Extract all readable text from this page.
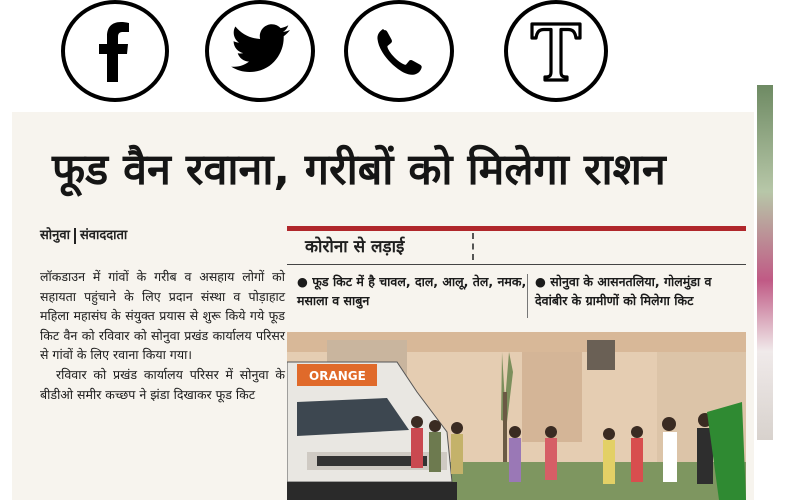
फूड वैन रवाना, गरीबों को मिलेगा राशन
सोनुवा संवाददाता

लॉकडाउन में गांवों के गरीब व असहाय लोगों को सहायता पहुंचाने के लिए प्रदान संस्था व पोड़ाहाट महिला महासंघ के संयुक्त प्रयास से शुरू किये गये फूड किट वैन को रविवार को सोनुवा प्रखंड कार्यालय परिसर से गांवों के लिए रवाना किया गया।

रविवार को प्रखंड कार्यालय परिसर में सोनुवा के बीडीओ समीर कच्छप ने झंडा दिखाकर फूड किट

कोरोना से लड़ाई
● फूड किट में है चावल, दाल, आलू, तेल, नमक, मसाला व साबुन
● सोनुवा के आसनतलिया, गोलमुंडा व देवांबीर के ग्रामीणों को मिलेगा किट
ORANGE
